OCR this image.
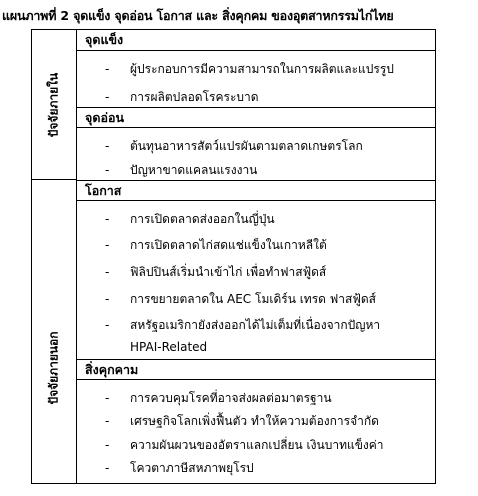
แผนภาพที่ 2 จุดแข็ง จุดอ่อน โอกาส และ สิ่งคุกคม ของอุตสาหกรรมไก่ไทย
ปัจจัยภายใน
ปัจจัยภายนอก
จุดแข็ง
- ผู้ประกอบการมีความสามารถในการผลิตและแปรรูป
- การผลิตปลอดโรคระบาด
จุดอ่อน
- ต้นทุนอาหารสัตว์แปรผันตามตลาดเกษตรโลก
- ปัญหาขาดแคลนแรงงาน
โอกาส
- การเปิดตลาดส่งออกในญี่ปุ่น
- การเปิดตลาดไก่สดแช่แข็งในเกาหลีใต้
- ฟิลิปปินส์เริ่มนำเข้าไก่ เพื่อทำฟาสฟู้ดส์
- การขยายตลาดใน AEC โมเดิร์น เทรด ฟาสฟู้ดส์
- สหรัฐอเมริกายังส่งออกได้ไม่เต็มที่เนื่องจากปัญหา
HPAI-Related
สิ่งคุกคาม
- การควบคุมโรคที่อาจส่งผลต่อมาตรฐาน
- เศรษฐกิจโลกเพิ่งฟื้นตัว ทำให้ความต้องการจำกัด
- ความผันผวนของอัตราแลกเปลี่ยน เงินบาทแข็งค่า
- โควตาภาษีสหภาพยุโรป
